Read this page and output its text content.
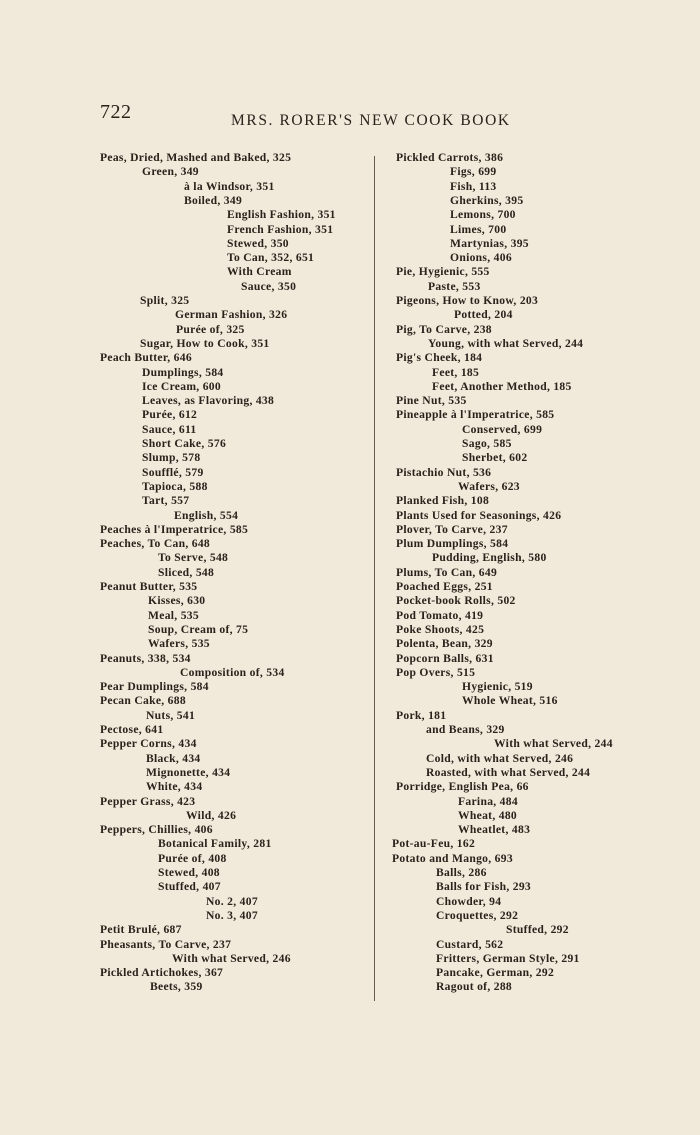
722	MRS. RORER'S NEW COOK BOOK
Peas, Dried, Mashed and Baked, 325
Green, 349
à la Windsor, 351
Boiled, 349
English Fashion, 351
French Fashion, 351
Stewed, 350
To Can, 352, 651
With Cream
Sauce, 350
Split, 325
German Fashion, 326
Purée of, 325
Sugar, How to Cook, 351
Peach Butter, 646
Dumplings, 584
Ice Cream, 600
Leaves, as Flavoring, 438
Purée, 612
Sauce, 611
Short Cake, 576
Slump, 578
Soufflé, 579
Tapioca, 588
Tart, 557
English, 554
Peaches à l'Imperatrice, 585
Peaches, To Can, 648
To Serve, 548
Sliced, 548
Peanut Butter, 535
Kisses, 630
Meal, 535
Soup, Cream of, 75
Wafers, 535
Peanuts, 338, 534
Composition of, 534
Pear Dumplings, 584
Pecan Cake, 688
Nuts, 541
Pectose, 641
Pepper Corns, 434
Black, 434
Mignonette, 434
White, 434
Pepper Grass, 423
Wild, 426
Peppers, Chillies, 406
Botanical Family, 281
Purée of, 408
Stewed, 408
Stuffed, 407
No. 2, 407
No. 3, 407
Petit Brulé, 687
Pheasants, To Carve, 237
With what Served, 246
Pickled Artichokes, 367
Beets, 359
Pickled Carrots, 386
Figs, 699
Fish, 113
Gherkins, 395
Lemons, 700
Limes, 700
Martynias, 395
Onions, 406
Pie, Hygienic, 555
Paste, 553
Pigeons, How to Know, 203
Potted, 204
Pig, To Carve, 238
Young, with what Served, 244
Pig's Cheek, 184
Feet, 185
Feet, Another Method, 185
Pine Nut, 535
Pineapple à l'Imperatrice, 585
Conserved, 699
Sago, 585
Sherbet, 602
Pistachio Nut, 536
Wafers, 623
Planked Fish, 108
Plants Used for Seasonings, 426
Plover, To Carve, 237
Plum Dumplings, 584
Pudding, English, 580
Plums, To Can, 649
Poached Eggs, 251
Pocket-book Rolls, 502
Pod Tomato, 419
Poke Shoots, 425
Polenta, Bean, 329
Popcorn Balls, 631
Pop Overs, 515
Hygienic, 519
Whole Wheat, 516
Pork, 181
and Beans, 329
With what Served, 244
Cold, with what Served, 246
Roasted, with what Served, 244
Porridge, English Pea, 66
Farina, 484
Wheat, 480
Wheatlet, 483
Pot-au-Feu, 162
Potato and Mango, 693
Balls, 286
Balls for Fish, 293
Chowder, 94
Croquettes, 292
Stuffed, 292
Custard, 562
Fritters, German Style, 291
Pancake, German, 292
Ragout of, 288
